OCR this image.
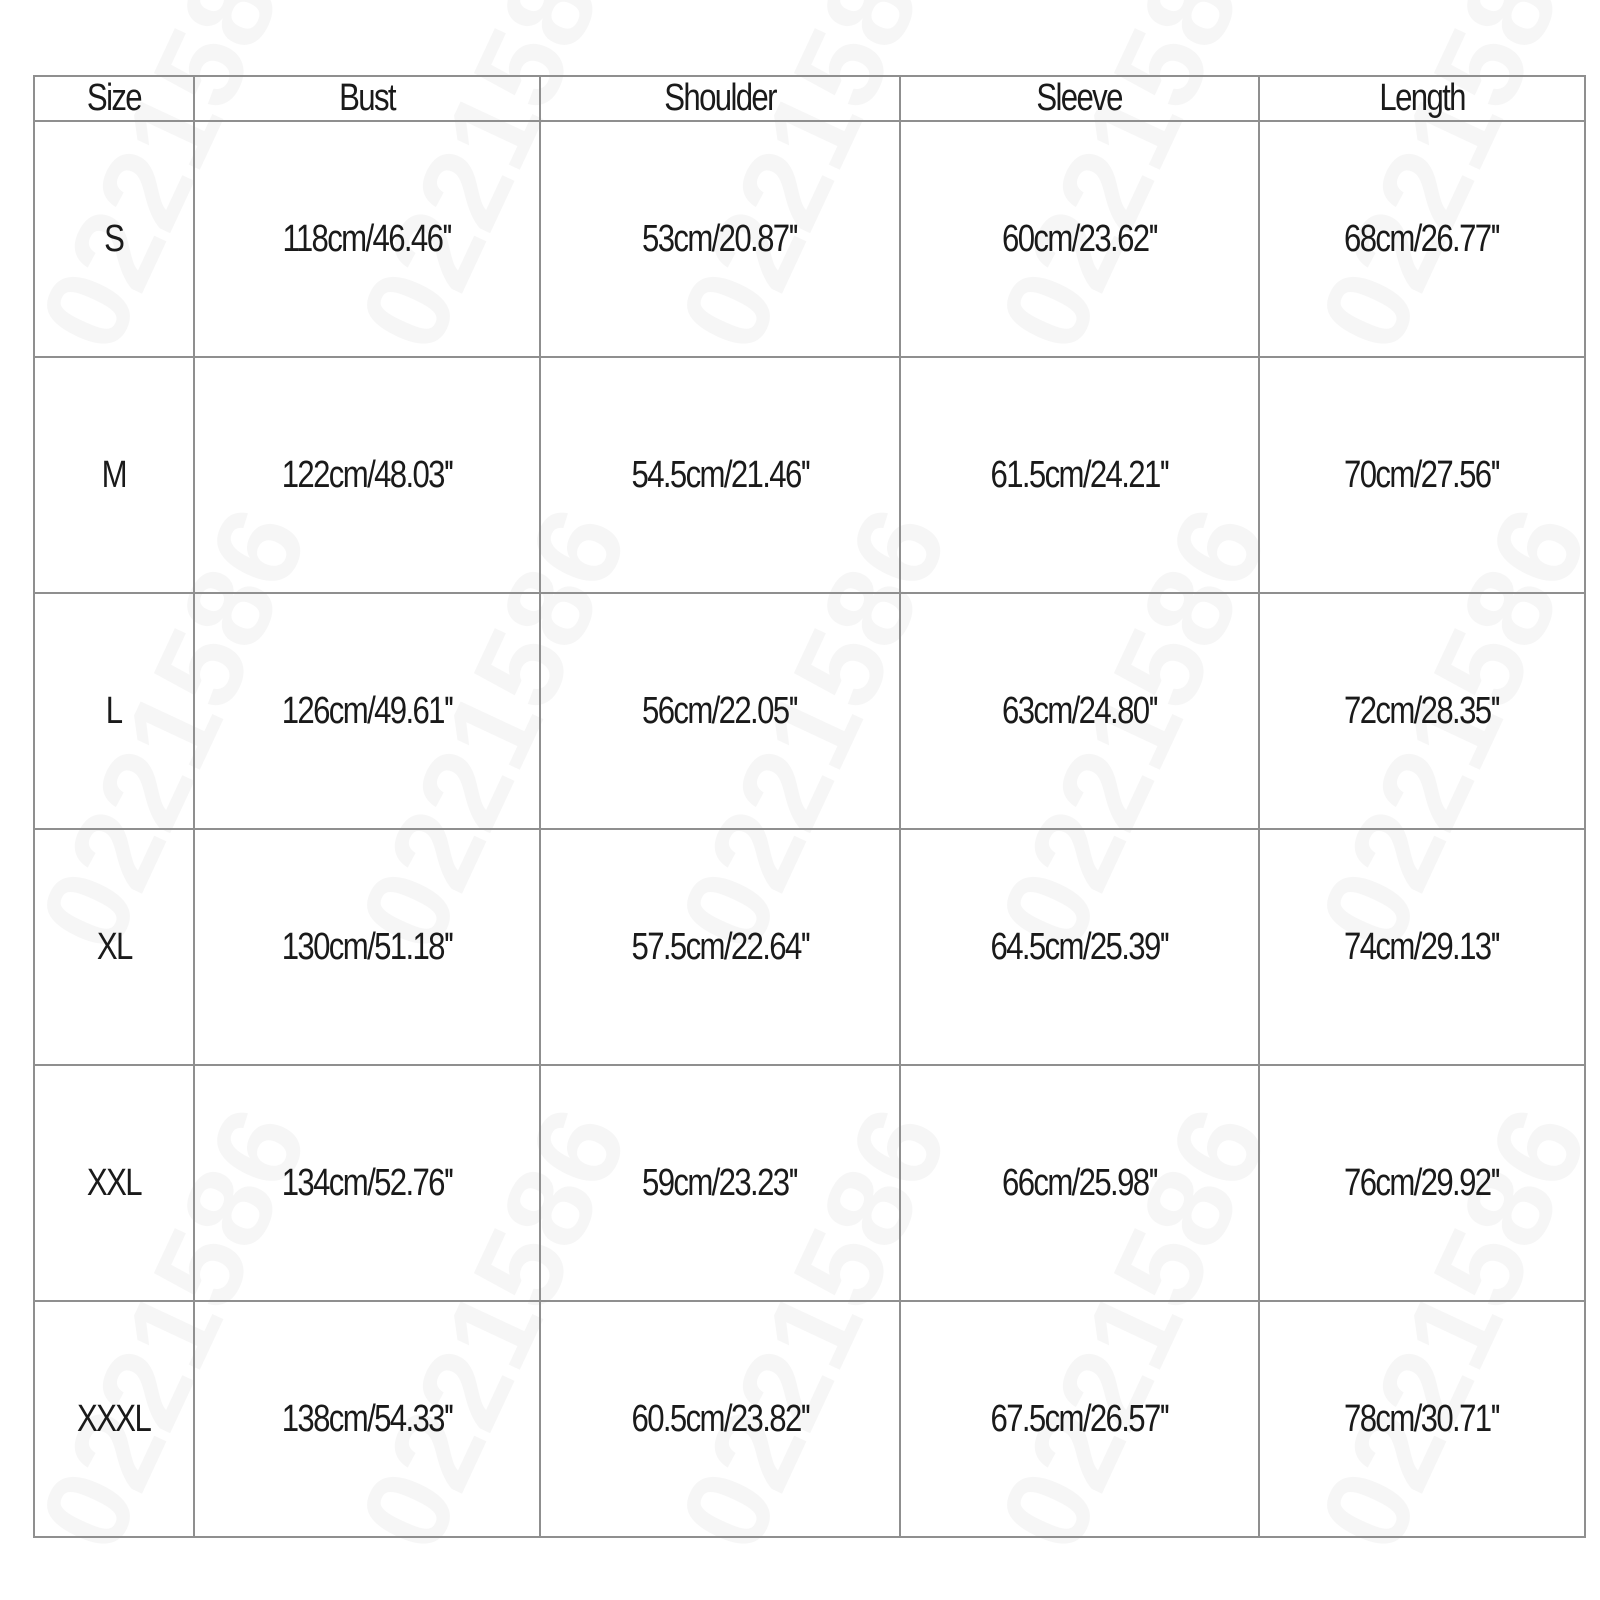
Size	Bust	Shoulder	Sleeve	Length
S	118cm/46.46''	53cm/20.87''	60cm/23.62''	68cm/26.77''
M	122cm/48.03''	54.5cm/21.46''	61.5cm/24.21''	70cm/27.56''
L	126cm/49.61''	56cm/22.05''	63cm/24.80''	72cm/28.35''
XL	130cm/51.18''	57.5cm/22.64''	64.5cm/25.39''	74cm/29.13''
XXL	134cm/52.76''	59cm/23.23''	66cm/25.98''	76cm/29.92''
XXXL	138cm/54.33''	60.5cm/23.82''	67.5cm/26.57''	78cm/30.71''
